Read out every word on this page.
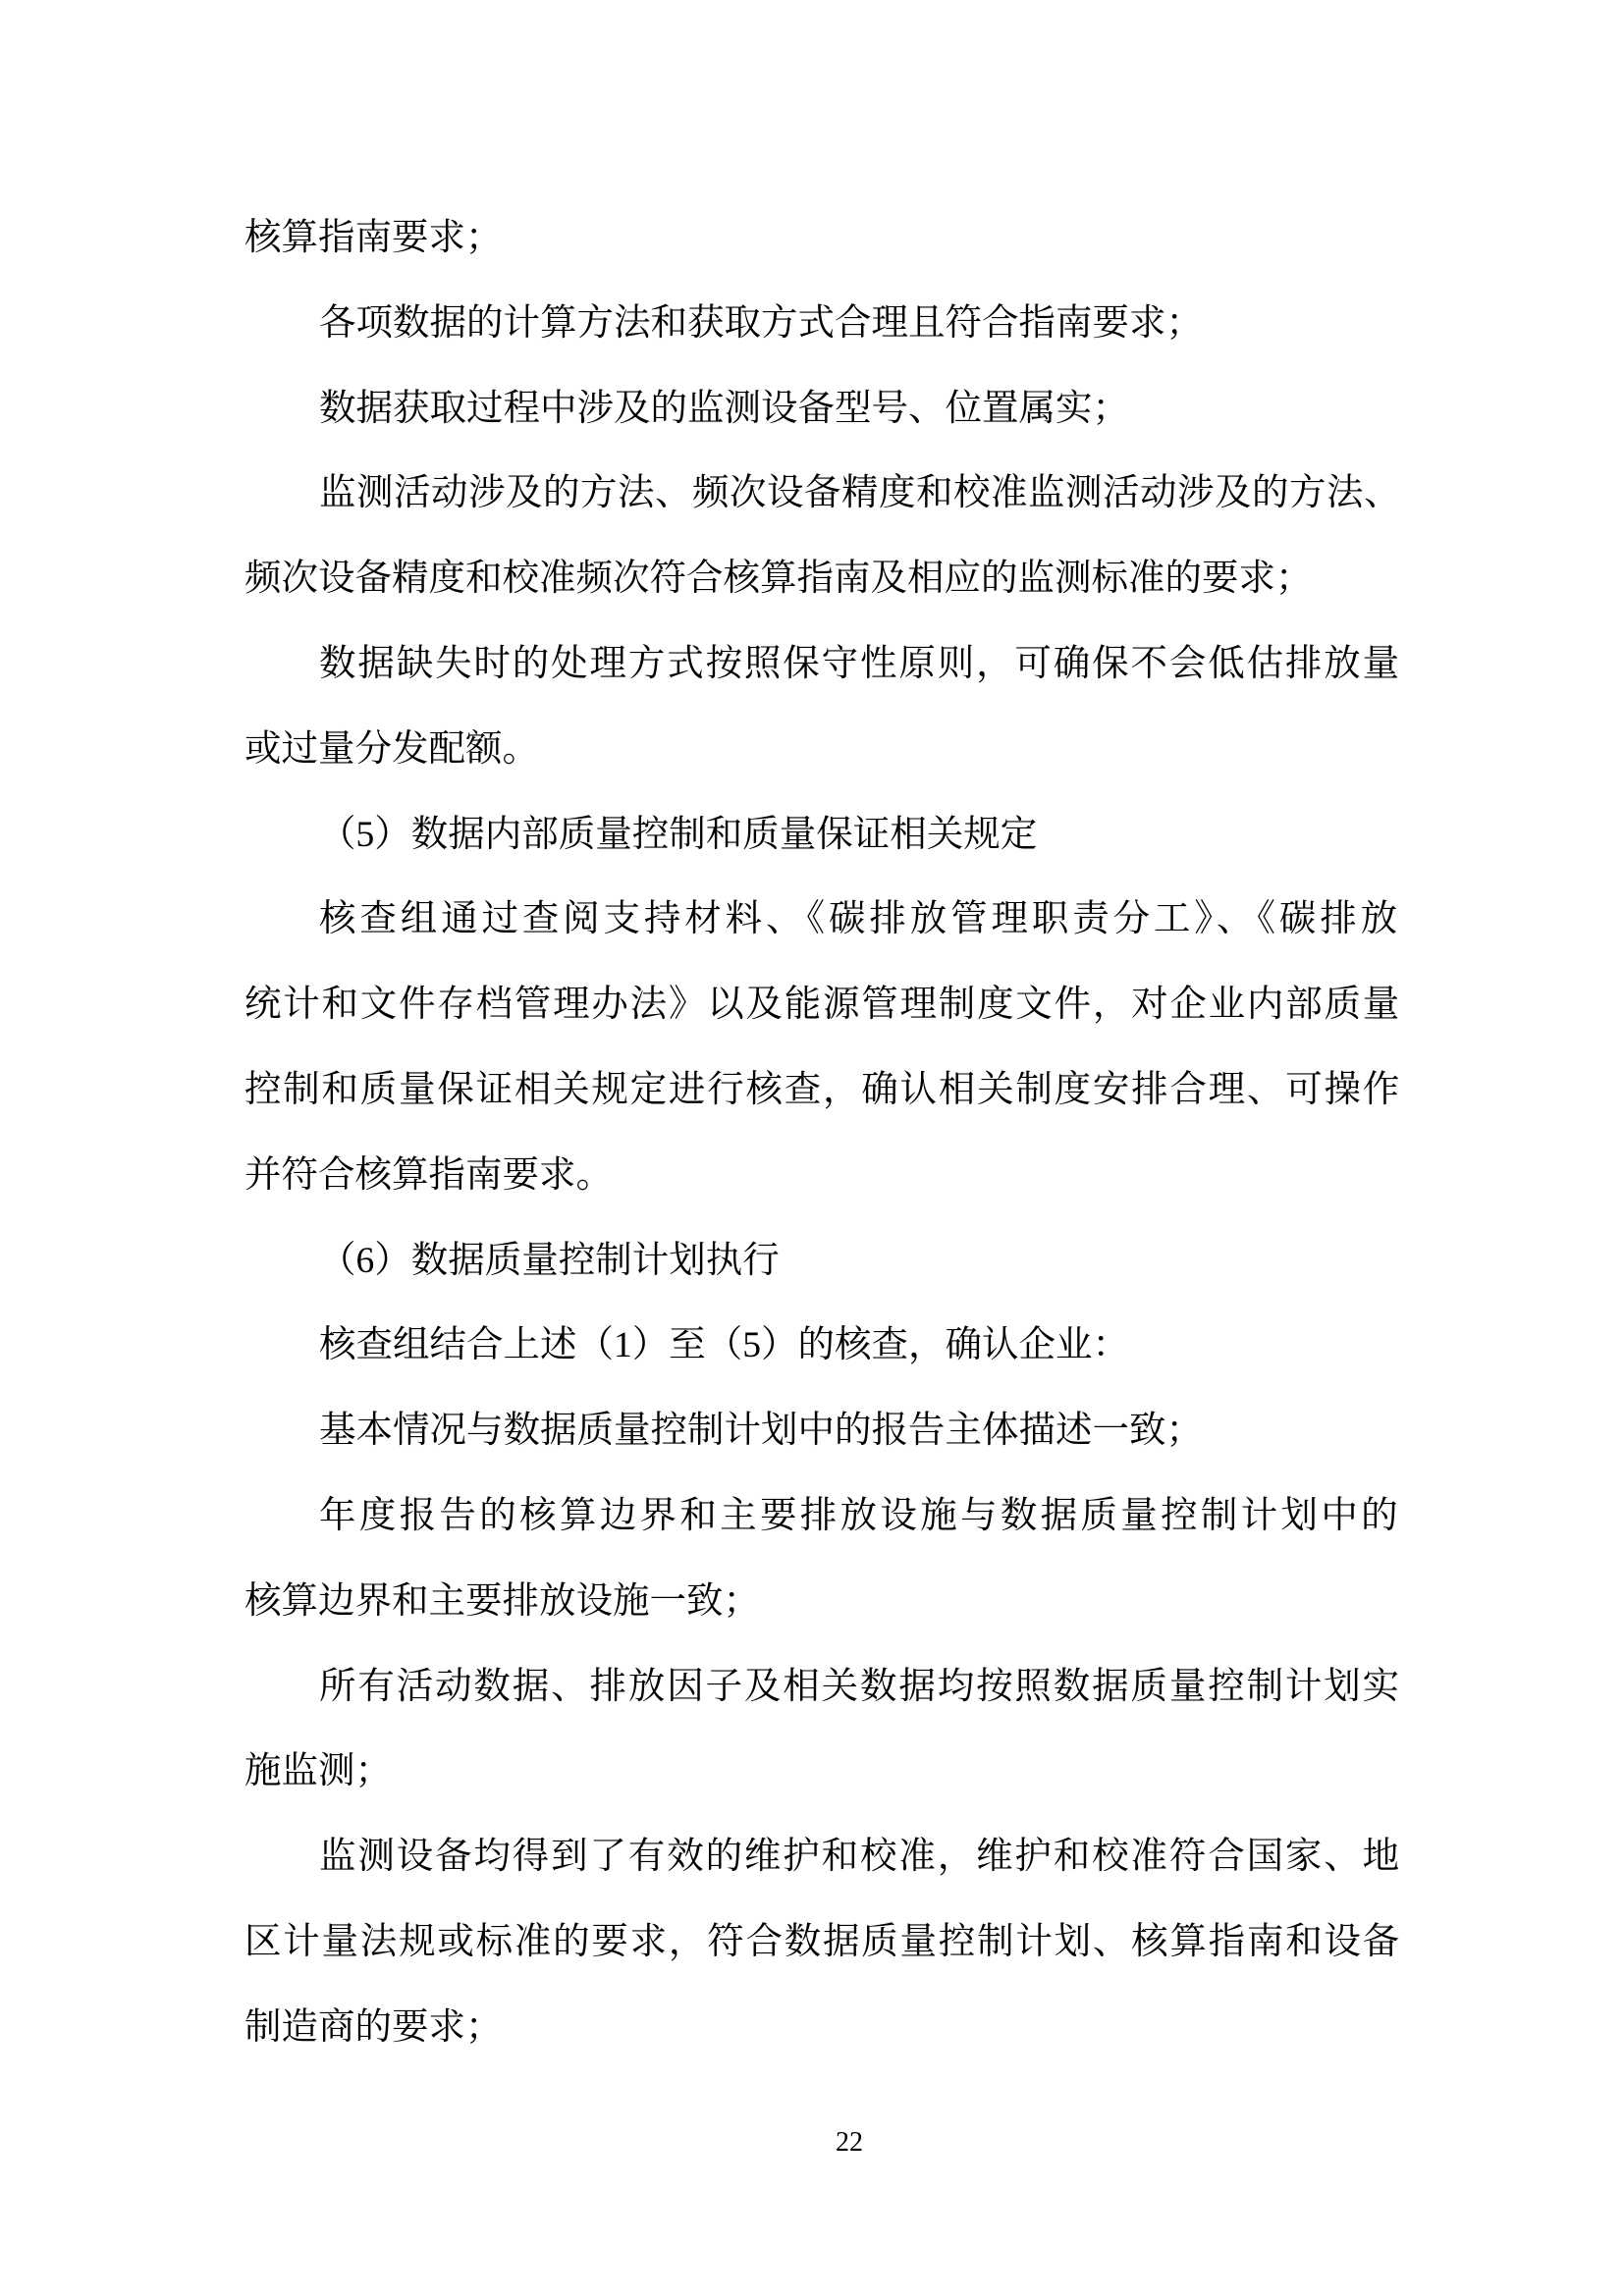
核算指南要求；
各项数据的计算方法和获取方式合理且符合指南要求；
数据获取过程中涉及的监测设备型号、位置属实；
监测活动涉及的方法、频次设备精度和校准监测活动涉及的方法、
频次设备精度和校准频次符合核算指南及相应的监测标准的要求；
数据缺失时的处理方式按照保守性原则，可确保不会低估排放量
或过量分发配额。
（5）数据内部质量控制和质量保证相关规定
核查组通过查阅支持材料、《碳排放管理职责分工》、《碳排放
统计和文件存档管理办法》以及能源管理制度文件，对企业内部质量
控制和质量保证相关规定进行核查，确认相关制度安排合理、可操作
并符合核算指南要求。
（6）数据质量控制计划执行
核查组结合上述（1）至（5）的核查，确认企业：
基本情况与数据质量控制计划中的报告主体描述一致；
年度报告的核算边界和主要排放设施与数据质量控制计划中的
核算边界和主要排放设施一致；
所有活动数据、排放因子及相关数据均按照数据质量控制计划实
施监测；
监测设备均得到了有效的维护和校准，维护和校准符合国家、地
区计量法规或标准的要求，符合数据质量控制计划、核算指南和设备
制造商的要求；
22
